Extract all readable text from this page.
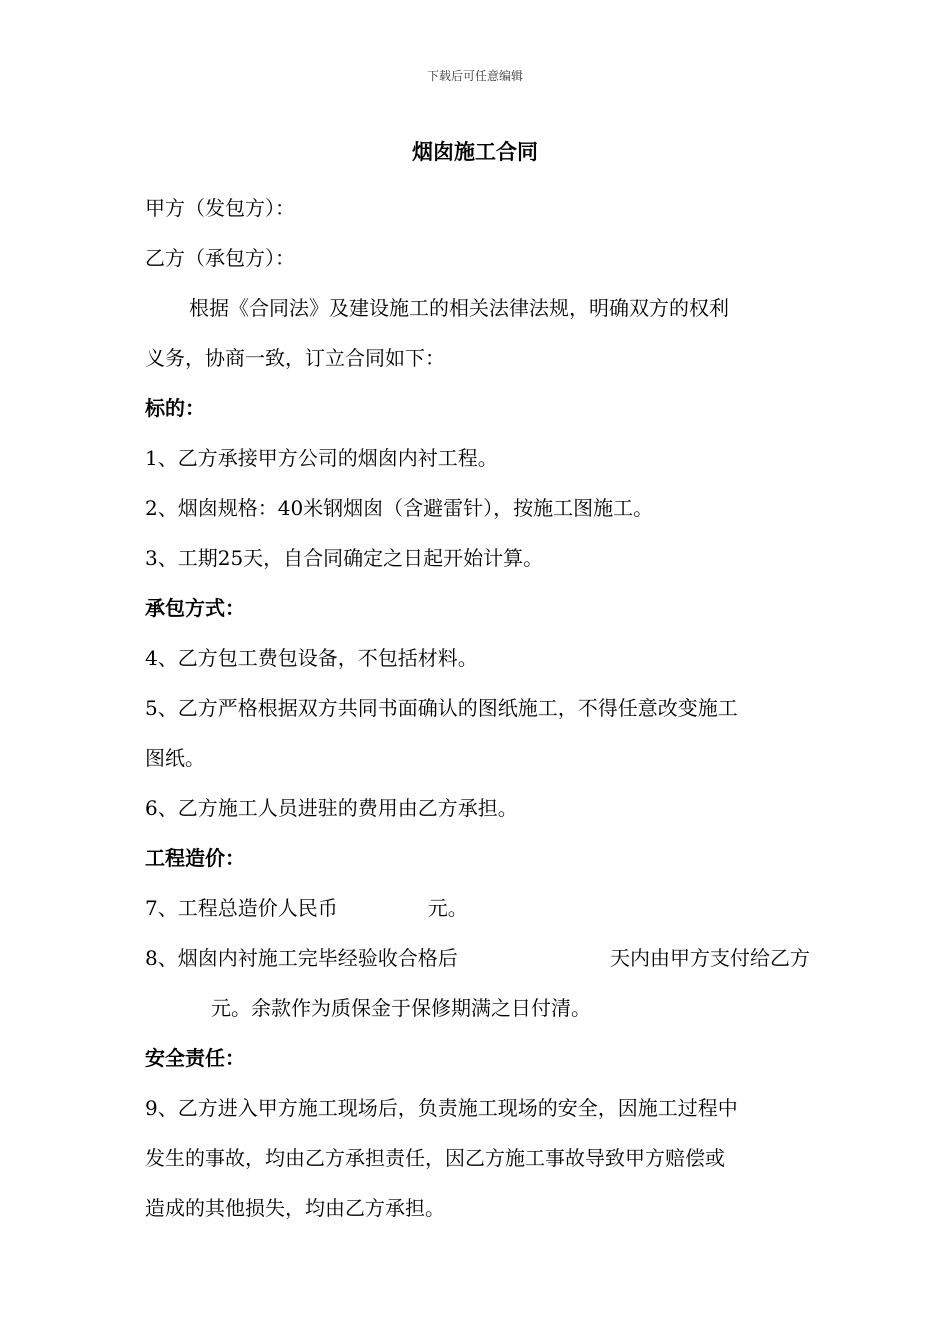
下载后可任意编辑
烟囱施工合同
甲方（发包方）：
乙方（承包方）：
根据《合同法》及建设施工的相关法律法规，明确双方的权利
义务，协商一致，订立合同如下：
标的：
1、乙方承接甲方公司的烟囱内衬工程。
2、烟囱规格：40米钢烟囱（含避雷针），按施工图施工。
3、工期25天，自合同确定之日起开始计算。
承包方式：
4、乙方包工费包设备，不包括材料。
5、乙方严格根据双方共同书面确认的图纸施工，不得任意改变施工
图纸。
6、乙方施工人员进驻的费用由乙方承担。
工程造价：
7、工程总造价人民币	元。
8、烟囱内衬施工完毕经验收合格后	天内由甲方支付给乙方
元。余款作为质保金于保修期满之日付清。
安全责任：
9、乙方进入甲方施工现场后，负责施工现场的安全，因施工过程中
发生的事故，均由乙方承担责任，因乙方施工事故导致甲方赔偿或
造成的其他损失，均由乙方承担。
